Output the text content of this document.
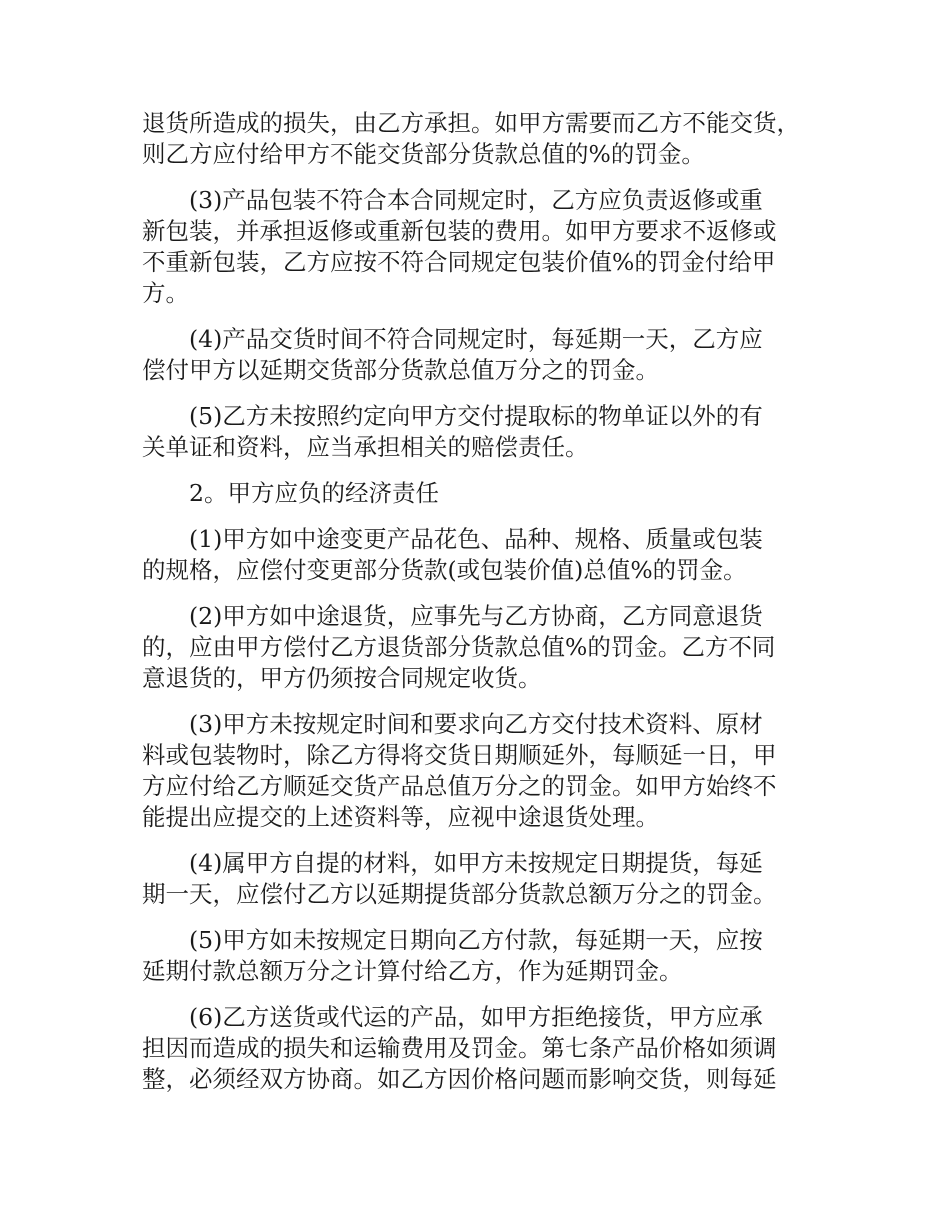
退货所造成的损失，由乙方承担。如甲方需要而乙方不能交货，
则乙方应付给甲方不能交货部分货款总值的%的罚金。

(3)产品包装不符合本合同规定时，乙方应负责返修或重
新包装，并承担返修或重新包装的费用。如甲方要求不返修或
不重新包装，乙方应按不符合同规定包装价值%的罚金付给甲
方。

(4)产品交货时间不符合同规定时，每延期一天，乙方应
偿付甲方以延期交货部分货款总值万分之的罚金。

(5)乙方未按照约定向甲方交付提取标的物单证以外的有
关单证和资料，应当承担相关的赔偿责任。

2。甲方应负的经济责任

(1)甲方如中途变更产品花色、品种、规格、质量或包装
的规格，应偿付变更部分货款(或包装价值)总值%的罚金。

(2)甲方如中途退货，应事先与乙方协商，乙方同意退货
的，应由甲方偿付乙方退货部分货款总值%的罚金。乙方不同
意退货的，甲方仍须按合同规定收货。

(3)甲方未按规定时间和要求向乙方交付技术资料、原材
料或包装物时，除乙方得将交货日期顺延外，每顺延一日，甲
方应付给乙方顺延交货产品总值万分之的罚金。如甲方始终不
能提出应提交的上述资料等，应视中途退货处理。

(4)属甲方自提的材料，如甲方未按规定日期提货，每延
期一天，应偿付乙方以延期提货部分货款总额万分之的罚金。

(5)甲方如未按规定日期向乙方付款，每延期一天，应按
延期付款总额万分之计算付给乙方，作为延期罚金。

(6)乙方送货或代运的产品，如甲方拒绝接货，甲方应承
担因而造成的损失和运输费用及罚金。第七条产品价格如须调
整，必须经双方协商。如乙方因价格问题而影响交货，则每延
